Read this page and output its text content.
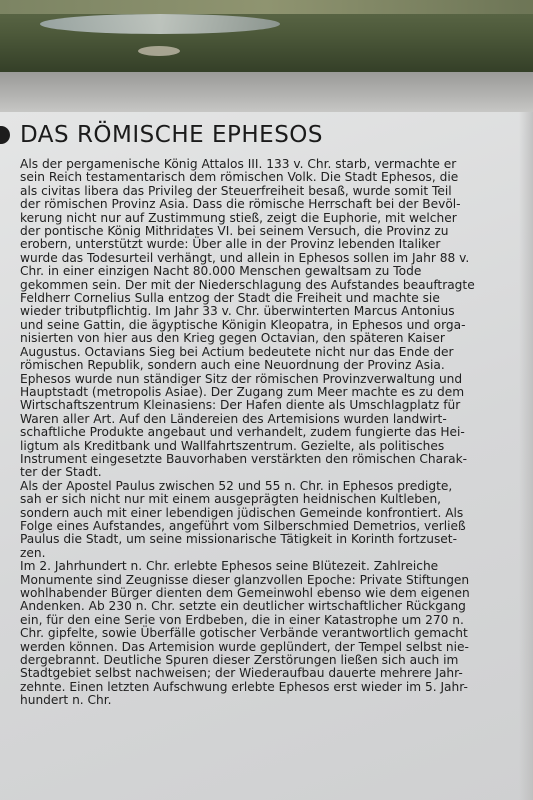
DAS RÖMISCHE EPHESOS
Als der pergamenische König Attalos III. 133 v. Chr. starb, vermachte er
sein Reich testamentarisch dem römischen Volk. Die Stadt Ephesos, die
als civitas libera das Privileg der Steuerfreiheit besaß, wurde somit Teil
der römischen Provinz Asia. Dass die römische Herrschaft bei der Bevöl-
kerung nicht nur auf Zustimmung stieß, zeigt die Euphorie, mit welcher
der pontische König Mithridates VI. bei seinem Versuch, die Provinz zu
erobern, unterstützt wurde: Über alle in der Provinz lebenden Italiker
wurde das Todesurteil verhängt, und allein in Ephesos sollen im Jahr 88 v.
Chr. in einer einzigen Nacht 80.000 Menschen gewaltsam zu Tode
gekommen sein. Der mit der Niederschlagung des Aufstandes beauftragte
Feldherr Cornelius Sulla entzog der Stadt die Freiheit und machte sie
wieder tributpflichtig. Im Jahr 33 v. Chr. überwinterten Marcus Antonius
und seine Gattin, die ägyptische Königin Kleopatra, in Ephesos und orga-
nisierten von hier aus den Krieg gegen Octavian, den späteren Kaiser
Augustus. Octavians Sieg bei Actium bedeutete nicht nur das Ende der
römischen Republik, sondern auch eine Neuordnung der Provinz Asia.
Ephesos wurde nun ständiger Sitz der römischen Provinzverwaltung und
Hauptstadt (metropolis Asiae). Der Zugang zum Meer machte es zu dem
Wirtschaftszentrum Kleinasiens: Der Hafen diente als Umschlagplatz für
Waren aller Art. Auf den Ländereien des Artemisions wurden landwirt-
schaftliche Produkte angebaut und verhandelt, zudem fungierte das Hei-
ligtum als Kreditbank und Wallfahrtszentrum. Gezielte, als politisches
Instrument eingesetzte Bauvorhaben verstärkten den römischen Charak-
ter der Stadt.
Als der Apostel Paulus zwischen 52 und 55 n. Chr. in Ephesos predigte,
sah er sich nicht nur mit einem ausgeprägten heidnischen Kultleben,
sondern auch mit einer lebendigen jüdischen Gemeinde konfrontiert. Als
Folge eines Aufstandes, angeführt vom Silberschmied Demetrios, verließ
Paulus die Stadt, um seine missionarische Tätigkeit in Korinth fortzuset-
zen.
Im 2. Jahrhundert n. Chr. erlebte Ephesos seine Blütezeit. Zahlreiche
Monumente sind Zeugnisse dieser glanzvollen Epoche: Private Stiftungen
wohlhabender Bürger dienten dem Gemeinwohl ebenso wie dem eigenen
Andenken. Ab 230 n. Chr. setzte ein deutlicher wirtschaftlicher Rückgang
ein, für den eine Serie von Erdbeben, die in einer Katastrophe um 270 n.
Chr. gipfelte, sowie Überfälle gotischer Verbände verantwortlich gemacht
werden können. Das Artemision wurde geplündert, der Tempel selbst nie-
dergebrannt. Deutliche Spuren dieser Zerstörungen ließen sich auch im
Stadtgebiet selbst nachweisen; der Wiederaufbau dauerte mehrere Jahr-
zehnte. Einen letzten Aufschwung erlebte Ephesos erst wieder im 5. Jahr-
hundert n. Chr.
